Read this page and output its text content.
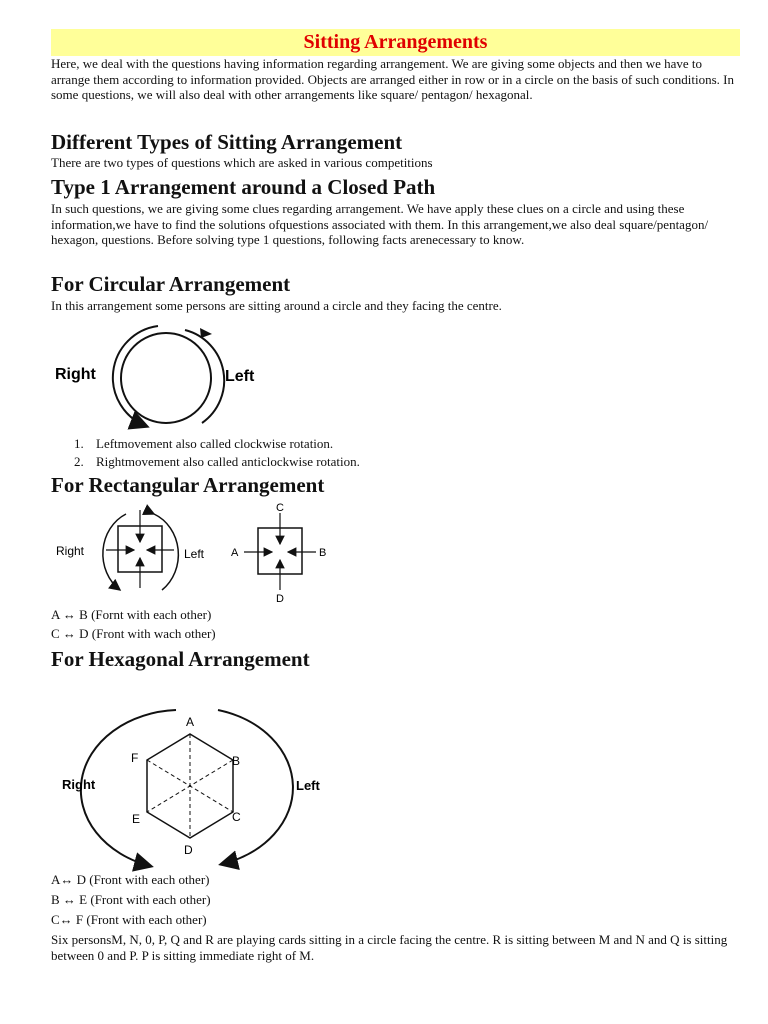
Sitting Arrangements

Here, we deal with the questions having information regarding arrangement. We are giving some objects and then we have to arrange them according to information provided. Objects are arranged either in row or in a circle on the basis of such conditions. In some questions, we will also deal with other arrangements like square/ pentagon/ hexagonal.

Different Types of Sitting Arrangement

There are two types of questions which are asked in various competitions

Type 1 Arrangement around a Closed Path

In such questions, we are giving some clues regarding arrangement. We have apply these clues on a circle and using these information,we have to find the solutions ofquestions associated with them. In this arrangement,we also deal square/pentagon/ hexagon, questions. Before solving type 1 questions, following facts arenecessary to know.

For Circular Arrangement

In this arrangement some persons are sitting around a circle and they facing the centre.

Right	Left
1. Leftmovement also called clockwise rotation.
2. Rightmovement also called anticlockwise rotation.
For Rectangular Arrangement
Right	Left
C
D
A	B

A ↔ B (Fornt with each other)

C ↔ D (Front with wach other)

For Hexagonal Arrangement
A
B
C
D
E
F
Right	Left

A↔ D (Front with each other)

B ↔ E (Front with each other)

C↔ F (Front with each other)

Six personsM, N, 0, P, Q and R are playing cards sitting in a circle facing the centre. R is sitting between M and N and Q is sitting between 0 and P. P is sitting immediate right of M.
